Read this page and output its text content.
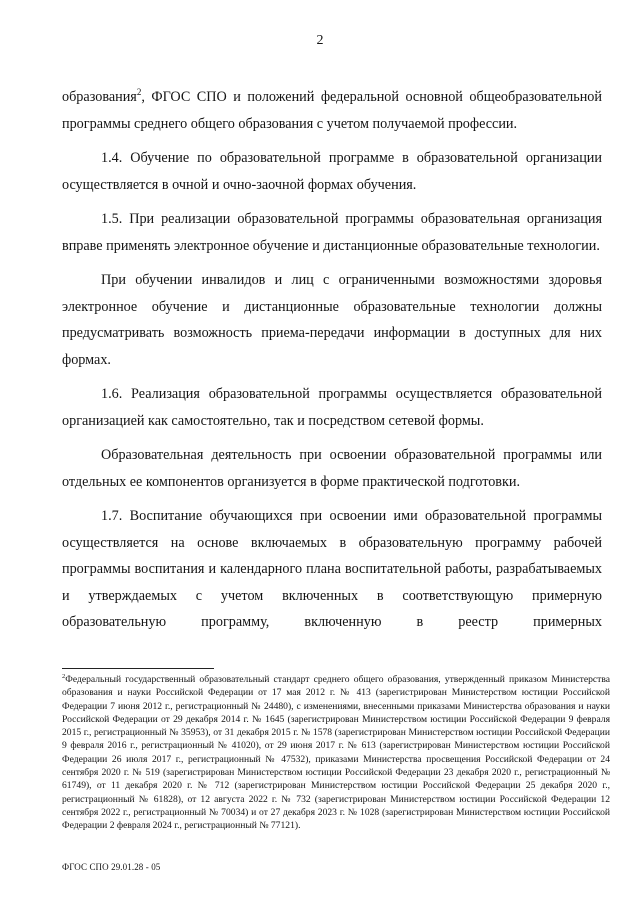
2

образования$^2$, ФГОС СПО и положений федеральной основной общеобразовательной программы среднего общего образования с учетом получаемой профессии.

1.4. Обучение по образовательной программе в образовательной организации осуществляется в очной и очно-заочной формах обучения.

1.5. При реализации образовательной программы образовательная организация вправе применять электронное обучение и дистанционные образовательные технологии.

При обучении инвалидов и лиц с ограниченными возможностями здоровья электронное обучение и дистанционные образовательные технологии должны предусматривать возможность приема-передачи информации в доступных для них формах.

1.6. Реализация образовательной программы осуществляется образовательной организацией как самостоятельно, так и посредством сетевой формы.

Образовательная деятельность при освоении образовательной программы или отдельных ее компонентов организуется в форме практической подготовки.

1.7. Воспитание обучающихся при освоении ими образовательной программы осуществляется на основе включаемых в образовательную программу рабочей программы воспитания и календарного плана воспитательной работы, разрабатываемых и утверждаемых с учетом включенных в соответствующую примерную образовательную программу, включенную в реестр примерных

$^2$Федеральный государственный образовательный стандарт среднего общего образования, утвержденный приказом Министерства образования и науки Российской Федерации от 17 мая 2012 г. № 413 (зарегистрирован Министерством юстиции Российской Федерации 7 июня 2012 г., регистрационный № 24480), с изменениями, внесенными приказами Министерства образования и науки Российской Федерации от 29 декабря 2014 г. № 1645 (зарегистрирован Министерством юстиции Российской Федерации 9 февраля 2015 г., регистрационный № 35953), от 31 декабря 2015 г. № 1578 (зарегистрирован Министерством юстиции Российской Федерации 9 февраля 2016 г., регистрационный № 41020), от 29 июня 2017 г. № 613 (зарегистрирован Министерством юстиции Российской Федерации 26 июля 2017 г., регистрационный № 47532), приказами Министерства просвещения Российской Федерации от 24 сентября 2020 г. № 519 (зарегистрирован Министерством юстиции Российской Федерации 23 декабря 2020 г., регистрационный № 61749), от 11 декабря 2020 г. № 712 (зарегистрирован Министерством юстиции Российской Федерации 25 декабря 2020 г., регистрационный № 61828), от 12 августа 2022 г. № 732 (зарегистрирован Министерством юстиции Российской Федерации 12 сентября 2022 г., регистрационный № 70034) и от 27 декабря 2023 г. № 1028 (зарегистрирован Министерством юстиции Российской Федерации 2 февраля 2024 г., регистрационный № 77121).
ФГОС СПО 29.01.28 - 05
